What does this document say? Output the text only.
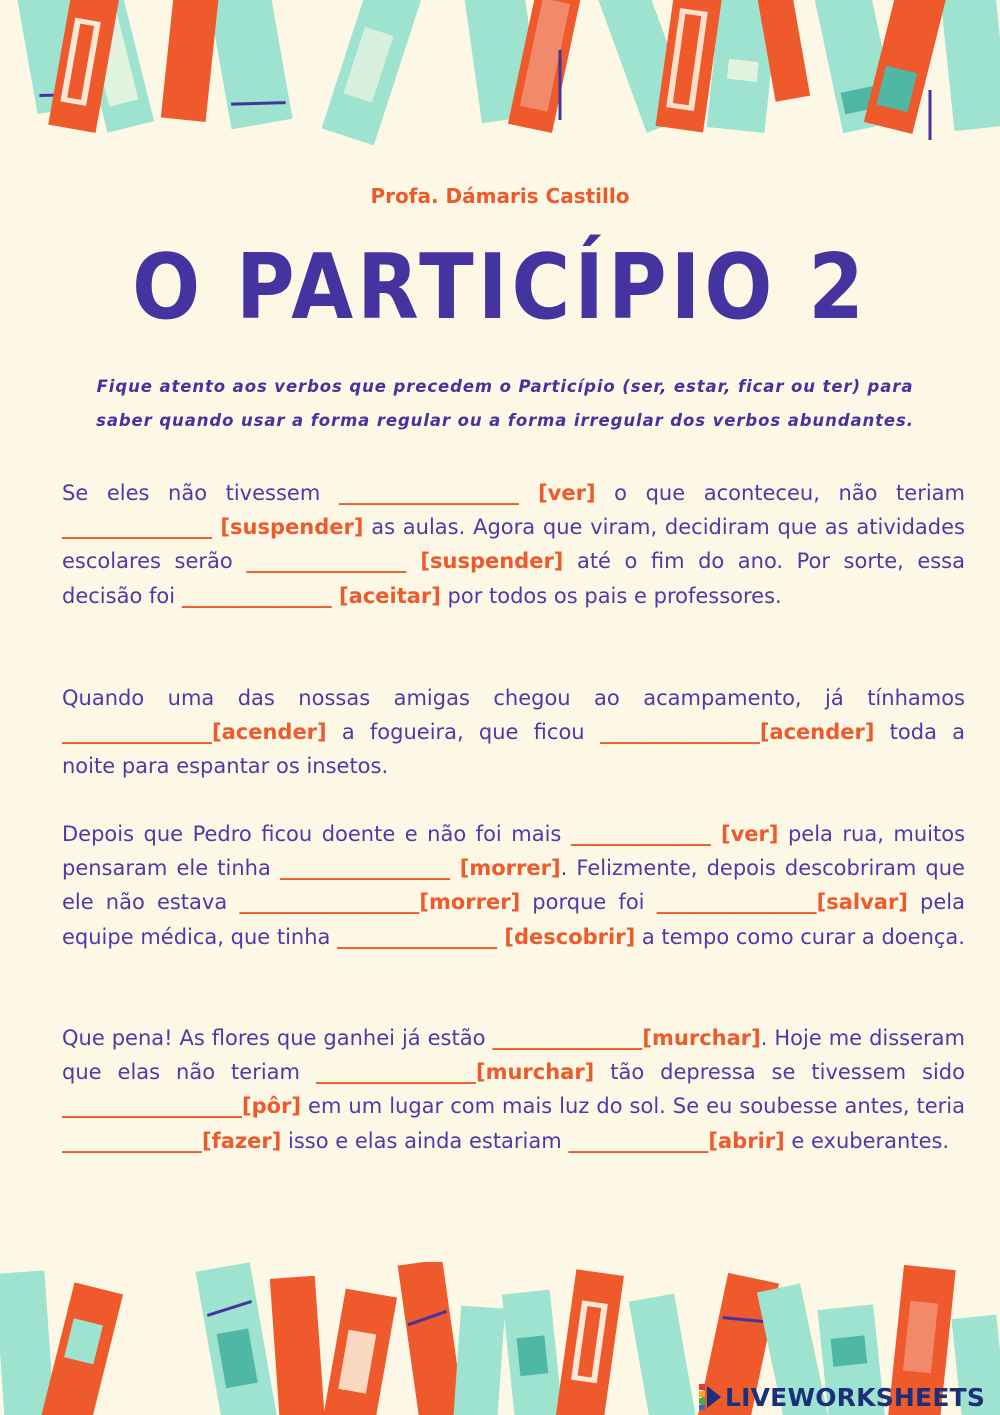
Profa. Dámaris Castillo
O PARTICÍPIO 2
Fique atento aos verbos que precedem o Particípio (ser, estar, ficar ou ter) para
saber quando usar a forma regular ou a forma irregular dos verbos abundantes.
Se eles não tivessem __________________ [ver] o que aconteceu, não teriam _______________ [suspender] as aulas. Agora que viram, decidiram que as atividades escolares serão ________________ [suspender] até o fim do ano. Por sorte, essa decisão foi _______________ [aceitar] por todos os pais e professores.
Quando uma das nossas amigas chegou ao acampamento, já tínhamos _______________[acender] a fogueira, que ficou ________________[acender] toda a noite para espantar os insetos.
Depois que Pedro ficou doente e não foi mais ______________ [ver] pela rua, muitos pensaram ele tinha _________________ [morrer]. Felizmente, depois descobriram que ele não estava __________________[morrer] porque foi ________________[salvar] pela equipe médica, que tinha ________________ [descobrir] a tempo como curar a doença.
Que pena! As flores que ganhei já estão _______________[murchar]. Hoje me disseram que elas não teriam ________________[murchar] tão depressa se tivessem sido __________________[pôr] em um lugar com mais luz do sol. Se eu soubesse antes, teria ______________[fazer] isso e elas ainda estariam ______________[abrir] e exuberantes.
LIVEWORKSHEETS
